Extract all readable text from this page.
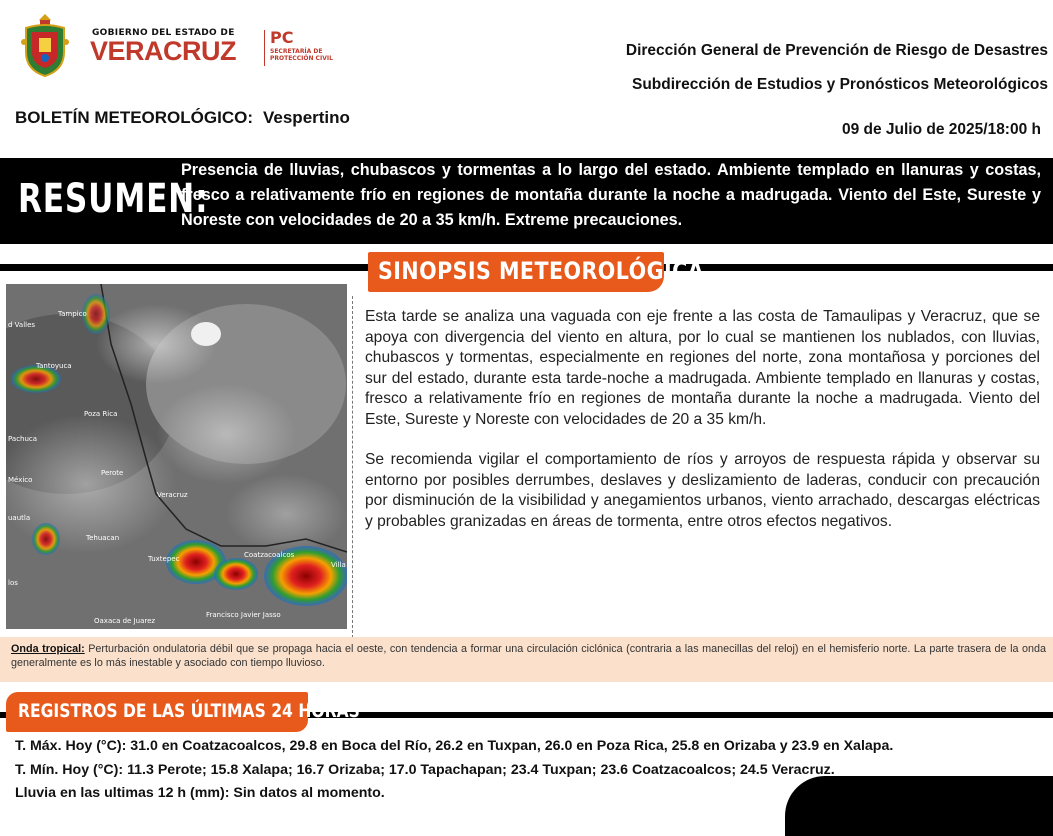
GOBIERNO DEL ESTADO DE
VERACRUZ PC
SECRETARÍA DE
PROTECCIÓN CIVIL	Dirección General de Prevención de Riesgo de Desastres
Subdirección de Estudios y Pronósticos Meteorológicos
BOLETÍN METEOROLÓGICO: Vespertino
09 de Julio de 2025/18:00 h
RESUMEN:
Presencia de lluvias, chubascos y tormentas a lo largo del estado. Ambiente templado en llanuras y costas, fresco a relativamente frío en regiones de montaña durante la noche a madrugada. Viento del Este, Sureste y Noreste con velocidades de 20 a 35 km/h. Extreme precauciones.
SINOPSIS METEOROLÓGICA
d Valles
Tampico
Tantoyuca
Poza Rica
Pachuca
Perote
México
Veracruz
uautla
Tehuacan
Tuxtepec	Coatzacoalcos
Villa
los
Oaxaca de Juarez
Francisco Javier Jasso

Esta tarde se analiza una vaguada con eje frente a las costa de Tamaulipas y Veracruz, que se apoya con divergencia del viento en altura, por lo cual se mantienen los nublados, con lluvias, chubascos y tormentas, especialmente en regiones del norte, zona montañosa y porciones del sur del estado, durante esta tarde-noche a madrugada. Ambiente templado en llanuras y costas, fresco a relativamente frío en regiones de montaña durante la noche a madrugada. Viento del Este, Sureste y Noreste con velocidades de 20 a 35 km/h.

Se recomienda vigilar el comportamiento de ríos y arroyos de respuesta rápida y observar su entorno por posibles derrumbes, deslaves y deslizamiento de laderas, conducir con precaución por disminución de la visibilidad y anegamientos urbanos, viento arrachado, descargas eléctricas y probables granizadas en áreas de tormenta, entre otros efectos negativos.

Onda tropical: Perturbación ondulatoria débil que se propaga hacia el oeste, con tendencia a formar una circulación ciclónica (contraria a las manecillas del reloj) en el hemisferio norte. La parte trasera de la onda generalmente es lo más inestable y asociado con tiempo lluvioso.
REGISTROS DE LAS ÚLTIMAS 24 HORAS
T. Máx. Hoy (°C): 31.0 en Coatzacoalcos, 29.8 en Boca del Río, 26.2 en Tuxpan, 26.0 en Poza Rica, 25.8 en Orizaba y 23.9 en Xalapa.
T. Mín. Hoy (°C): 11.3 Perote; 15.8 Xalapa; 16.7 Orizaba; 17.0 Tapachapan; 23.4 Tuxpan; 23.6 Coatzacoalcos; 24.5 Veracruz.
Lluvia en las ultimas 12 h (mm): Sin datos al momento.
